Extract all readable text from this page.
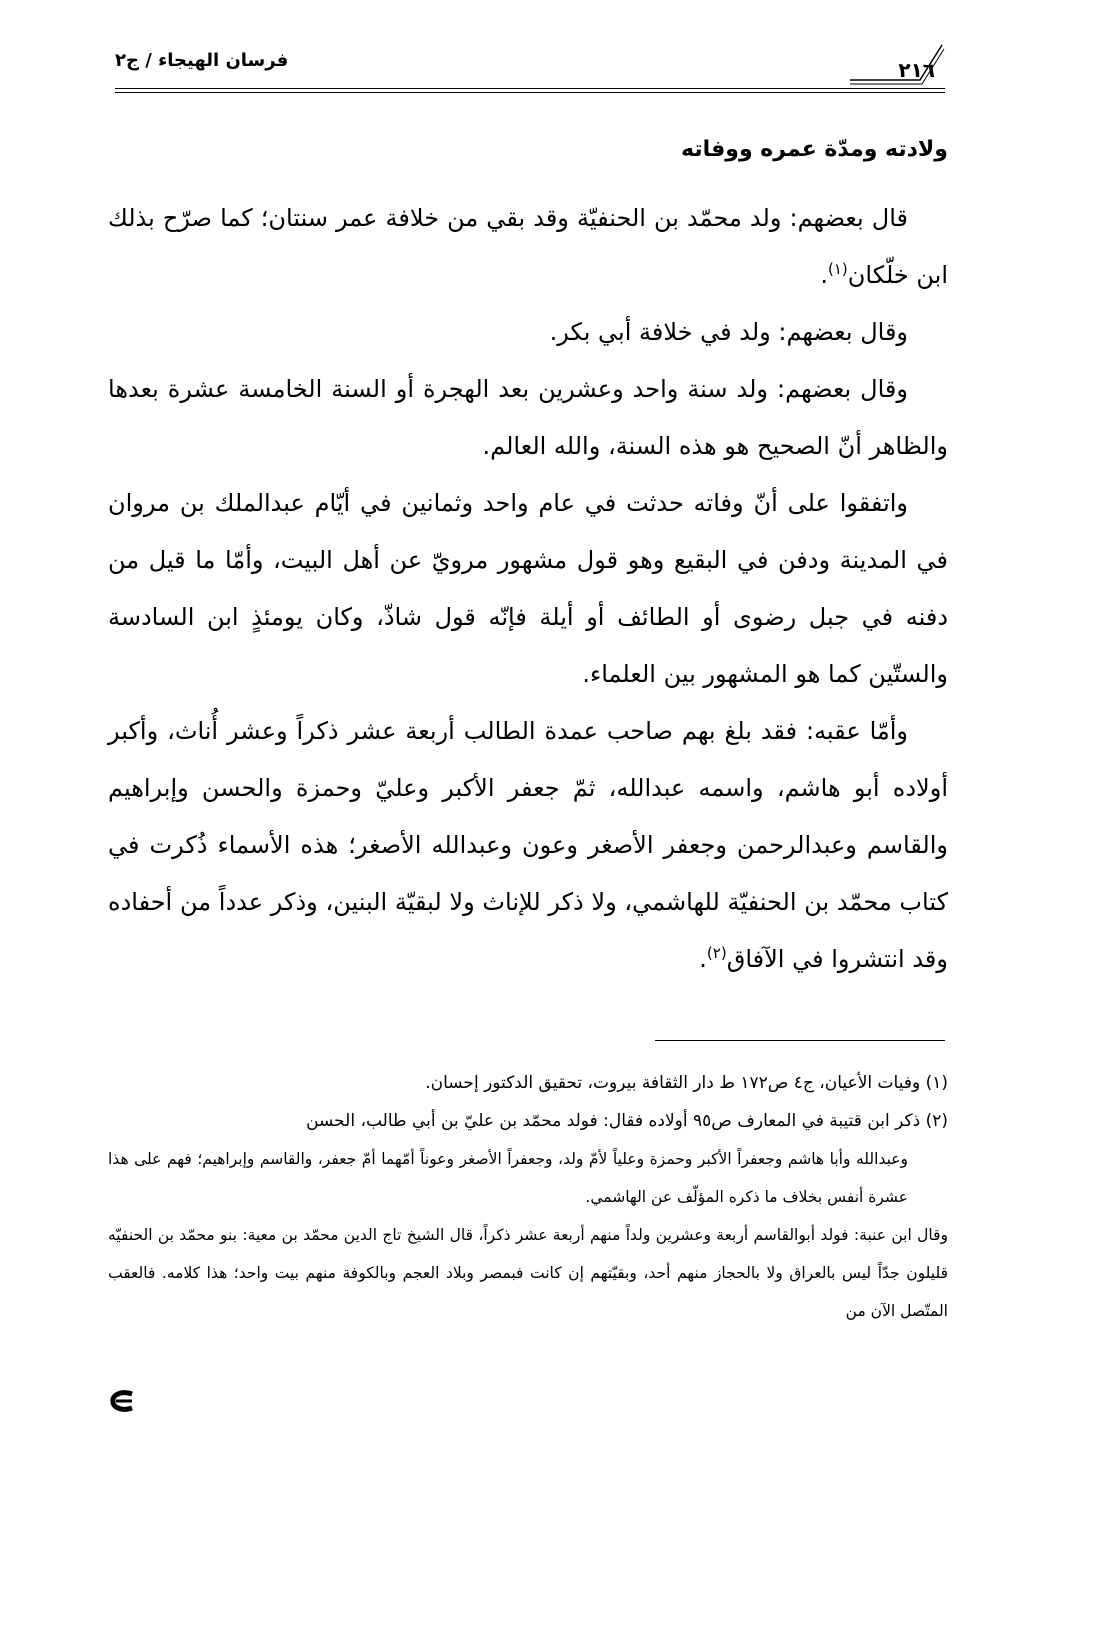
٢١٦
فرسان الهيجاء / ج٢

ولادته ومدّة عمره ووفاته

قال بعضهم: ولد محمّد بن الحنفيّة وقد بقي من خلافة عمر سنتان؛ كما صرّح بذلك ابن خلّكان$^{(١)}$.

وقال بعضهم: ولد في خلافة أبي بكر.

وقال بعضهم: ولد سنة واحد وعشرين بعد الهجرة أو السنة الخامسة عشرة بعدها والظاهر أنّ الصحيح هو هذه السنة، والله العالم.

واتفقوا على أنّ وفاته حدثت في عام واحد وثمانين في أيّام عبدالملك بن مروان في المدينة ودفن في البقيع وهو قول مشهور مرويّ عن أهل البيت، وأمّا ما قيل من دفنه في جبل رضوى أو الطائف أو أيلة فإنّه قول شاذّ، وكان يومئذٍ ابن السادسة والستّين كما هو المشهور بين العلماء.

وأمّا عقبه: فقد بلغ بهم صاحب عمدة الطالب أربعة عشر ذكراً وعشر أُناث، وأكبر أولاده أبو هاشم، واسمه عبدالله، ثمّ جعفر الأكبر وعليّ وحمزة والحسن وإبراهيم والقاسم وعبدالرحمن وجعفر الأصغر وعون وعبدالله الأصغر؛ هذه الأسماء ذُكرت في كتاب محمّد بن الحنفيّة للهاشمي، ولا ذكر للإناث ولا لبقيّة البنين، وذكر عدداً من أحفاده وقد انتشروا في الآفاق$^{(٢)}$.

(١) وفيات الأعيان، ج٤ ص١٧٢ ط دار الثقافة بيروت، تحقيق الدكتور إحسان.

(٢) ذكر ابن قتيبة في المعارف ص٩٥ أولاده فقال: فولد محمّد بن عليّ بن أبي طالب، الحسن

وعبدالله وأبا هاشم وجعفراً الأكبر وحمزة وعلياً لأمّ ولد، وجعفراً الأصغر وعوناً أمّهما أمّ جعفر، والقاسم وإبراهيم؛ فهم على هذا عشرة أنفس بخلاف ما ذكره المؤلّف عن الهاشمي.

وقال ابن عنبة: فولد أبوالقاسم أربعة وعشرين ولداً منهم أربعة عشر ذكراً، قال الشيخ تاج الدين محمّد بن معية: بنو محمّد بن الحنفيّه قليلون جدّاً ليس بالعراق ولا بالحجاز منهم أحد، وبقيّتهم إن كانت فبمصر وبلاد العجم وبالكوفة منهم بيت واحد؛ هذا كلامه. فالعقب المتّصل الآن من
